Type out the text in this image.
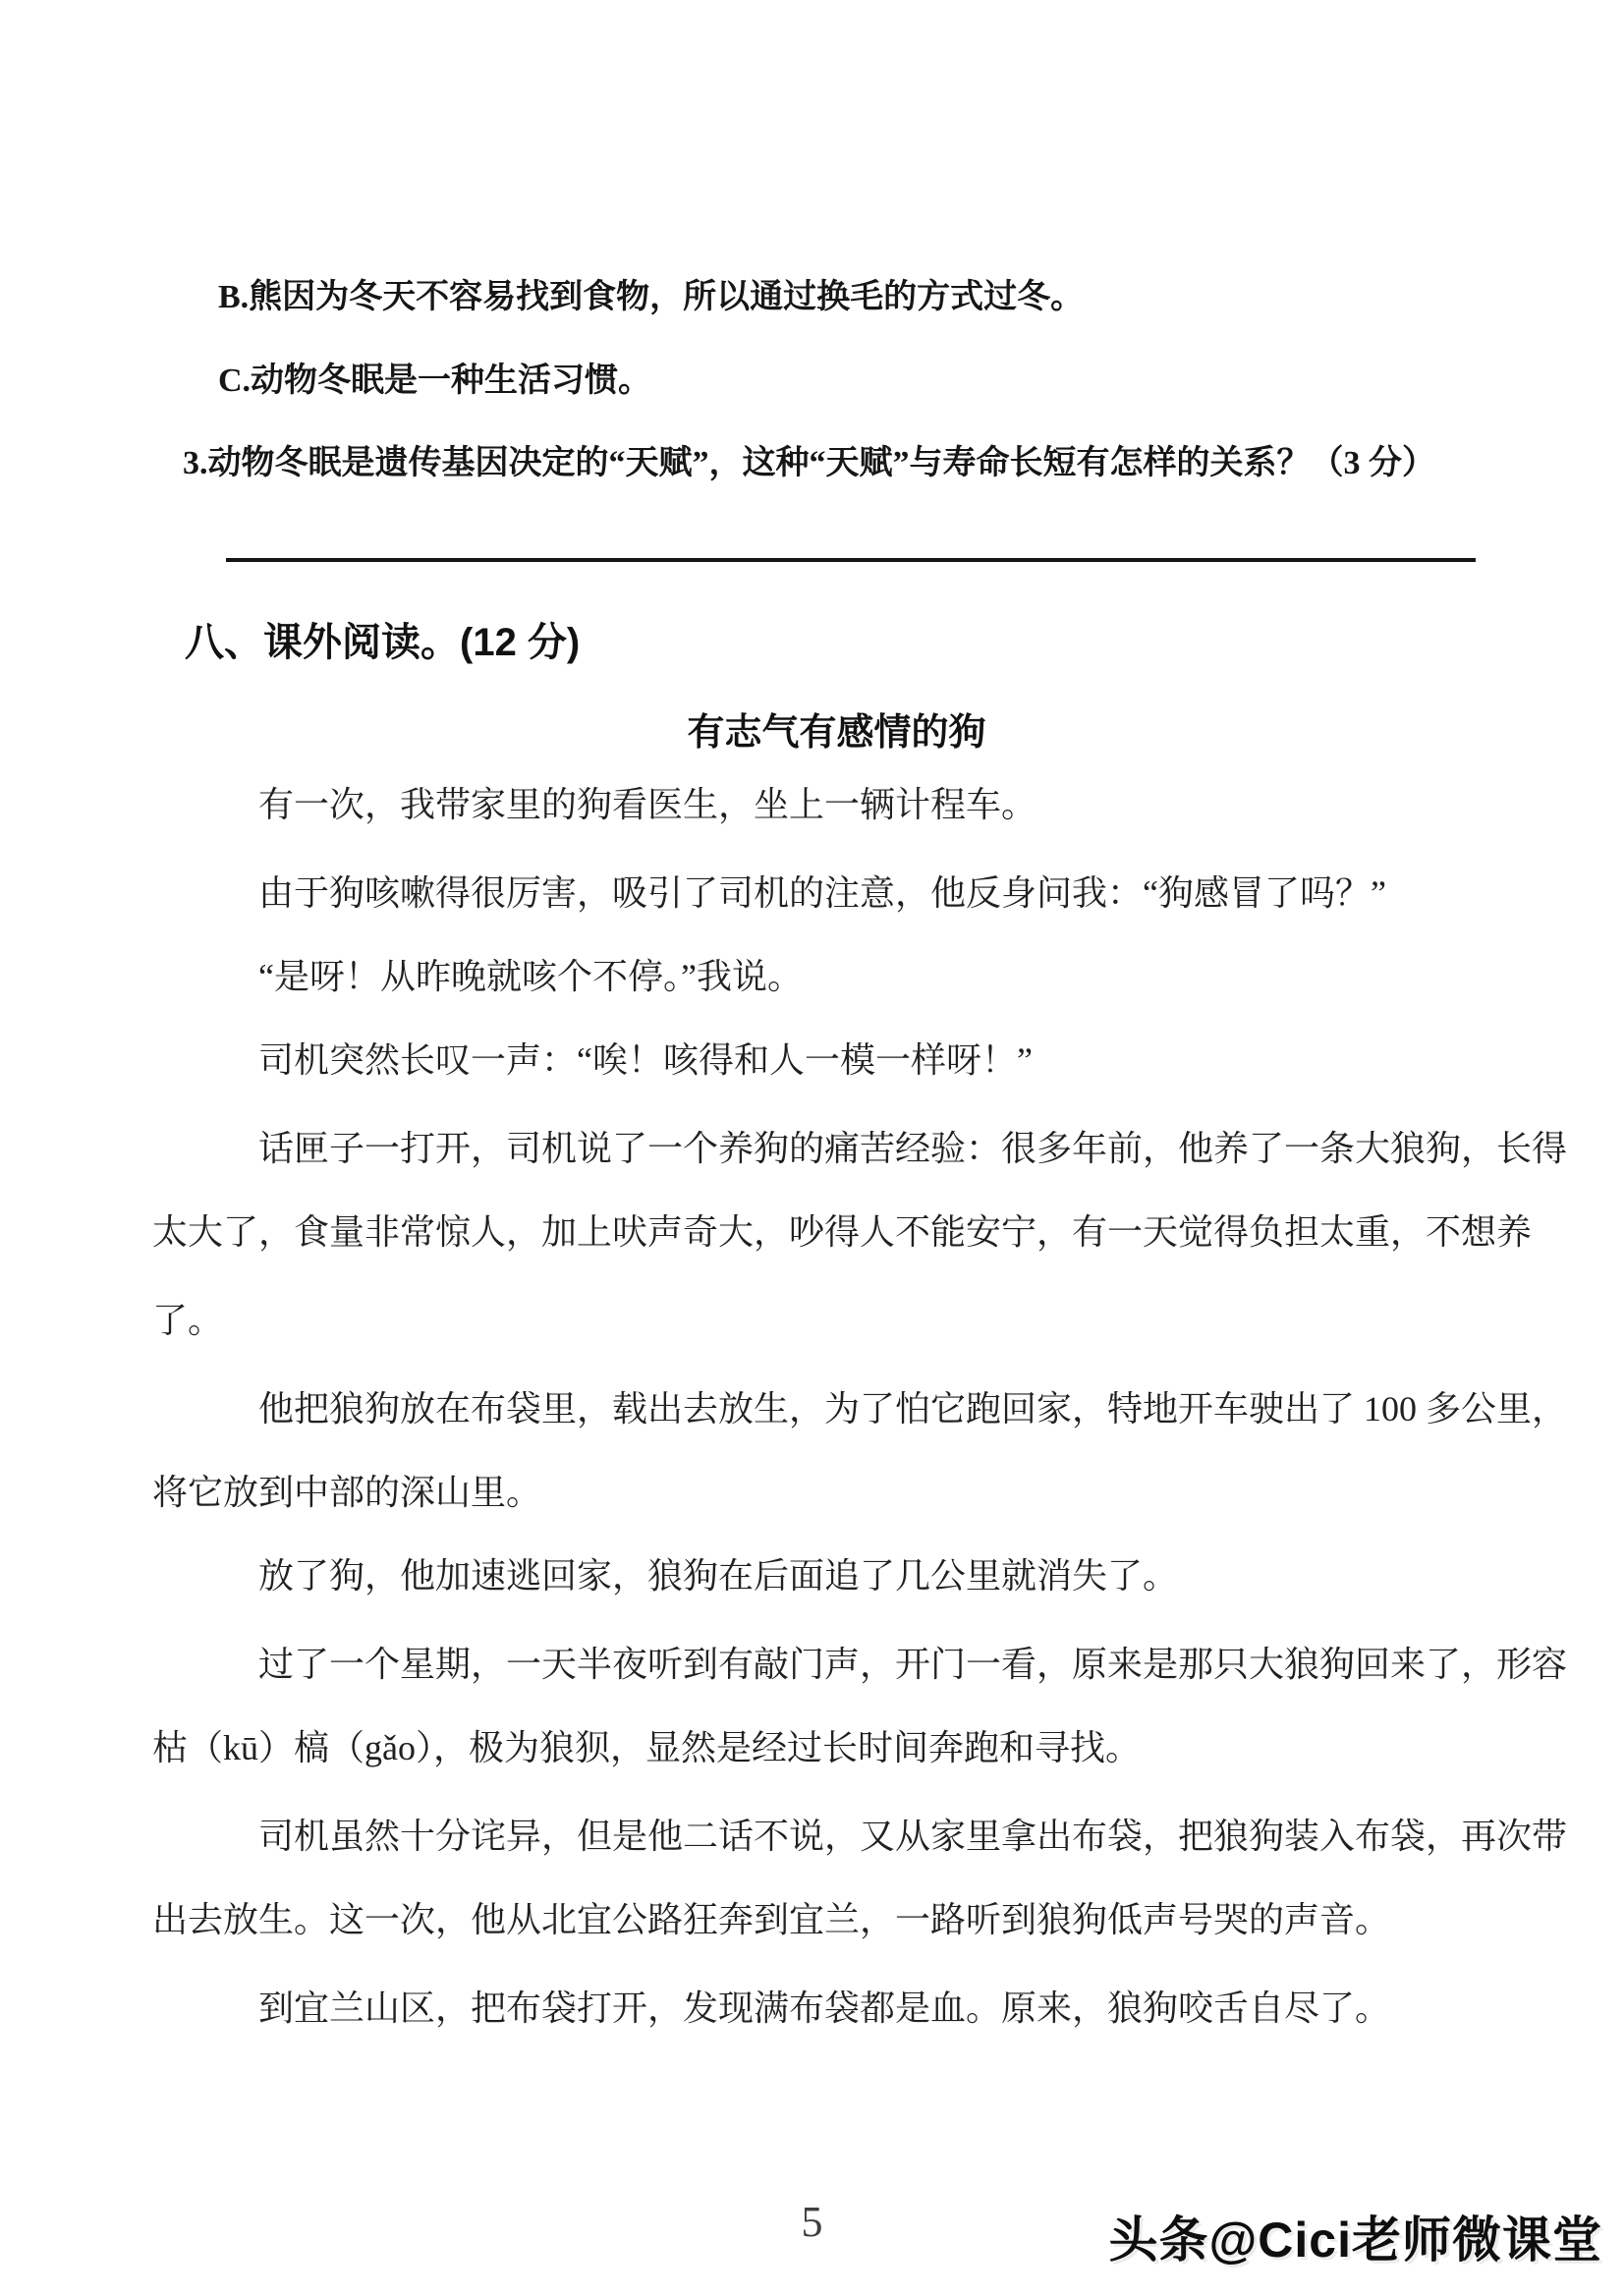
B.熊因为冬天不容易找到食物，所以通过换毛的方式过冬。
C.动物冬眠是一种生活习惯。
3.动物冬眠是遗传基因决定的“天赋”，这种“天赋”与寿命长短有怎样的关系？（3 分）
八、课外阅读。(12 分)
有志气有感情的狗
有一次，我带家里的狗看医生，坐上一辆计程车。
由于狗咳嗽得很厉害，吸引了司机的注意，他反身问我：“狗感冒了吗？”
“是呀！从昨晚就咳个不停。”我说。
司机突然长叹一声：“唉！咳得和人一模一样呀！”
话匣子一打开，司机说了一个养狗的痛苦经验：很多年前，他养了一条大狼狗，长得
太大了，食量非常惊人，加上吠声奇大，吵得人不能安宁，有一天觉得负担太重，不想养
了。
他把狼狗放在布袋里，载出去放生，为了怕它跑回家，特地开车驶出了 100 多公里，
将它放到中部的深山里。
放了狗，他加速逃回家，狼狗在后面追了几公里就消失了。
过了一个星期，一天半夜听到有敲门声，开门一看，原来是那只大狼狗回来了，形容
枯（kū）槁（gǎo），极为狼狈，显然是经过长时间奔跑和寻找。
司机虽然十分诧异，但是他二话不说，又从家里拿出布袋，把狼狗装入布袋，再次带
出去放生。这一次，他从北宜公路狂奔到宜兰，一路听到狼狗低声号哭的声音。
到宜兰山区，把布袋打开，发现满布袋都是血。原来，狼狗咬舌自尽了。
5	头条@Cici老师微课堂
